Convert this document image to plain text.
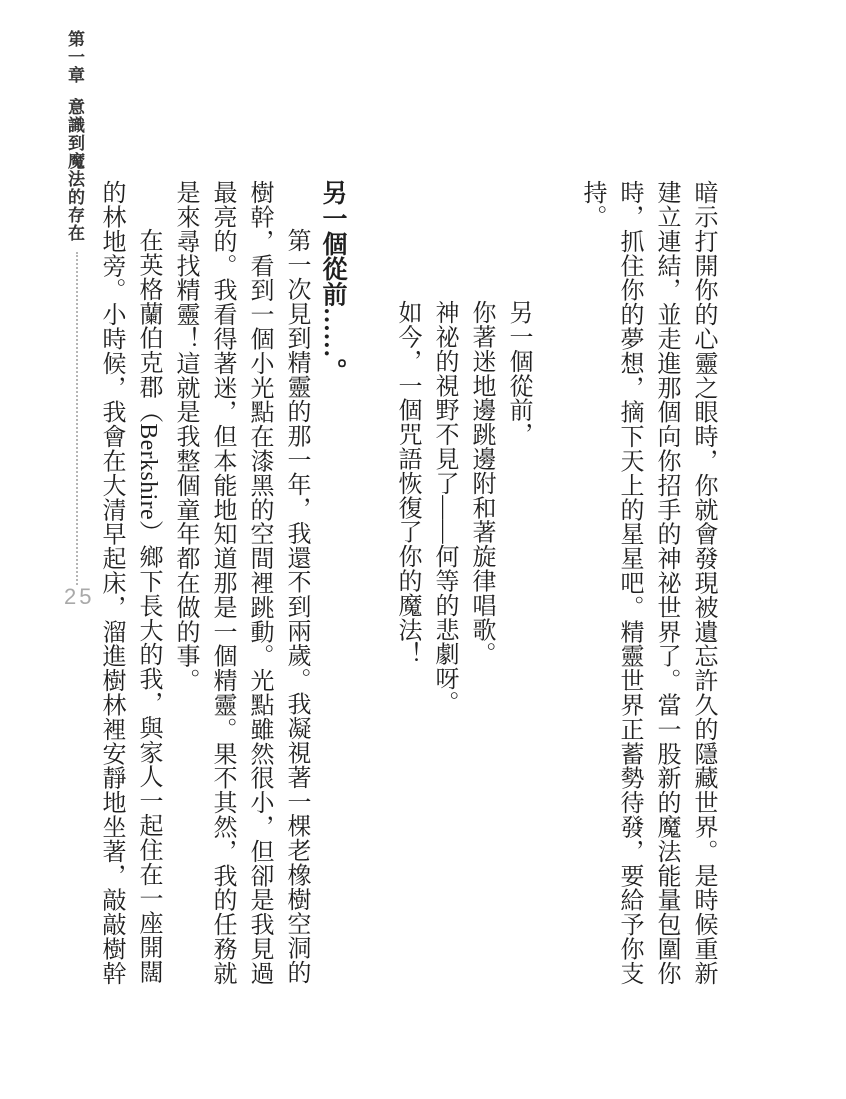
第一章意識到魔法的存在
25	暗示打開你的心靈之眼時，你就會發現被遺忘許久的隱藏世界。是時候重新建立連結，並走進那個向你招手的神祕世界了。當一股新的魔法能量包圍你時，抓住你的夢想，摘下天上的星星吧。精靈世界正蓄勢待發，要給予你支持。

另一個從前，

你著迷地邊跳邊附和著旋律唱歌。

神祕的視野不見了——何等的悲劇呀。

如今，一個咒語恢復了你的魔法！

另一個從前……。

第一次見到精靈的那一年，我還不到兩歲。我凝視著一棵老橡樹空洞的樹幹，看到一個小光點在漆黑的空間裡跳動。光點雖然很小，但卻是我見過最亮的。我看得著迷，但本能地知道那是一個精靈。果不其然，我的任務就是來尋找精靈！這就是我整個童年都在做的事。

在英格蘭伯克郡（Berkshire）鄉下長大的我，與家人一起住在一座開闊的林地旁。小時候，我會在大清早起床，溜進樹林裡安靜地坐著，敲敲樹幹
